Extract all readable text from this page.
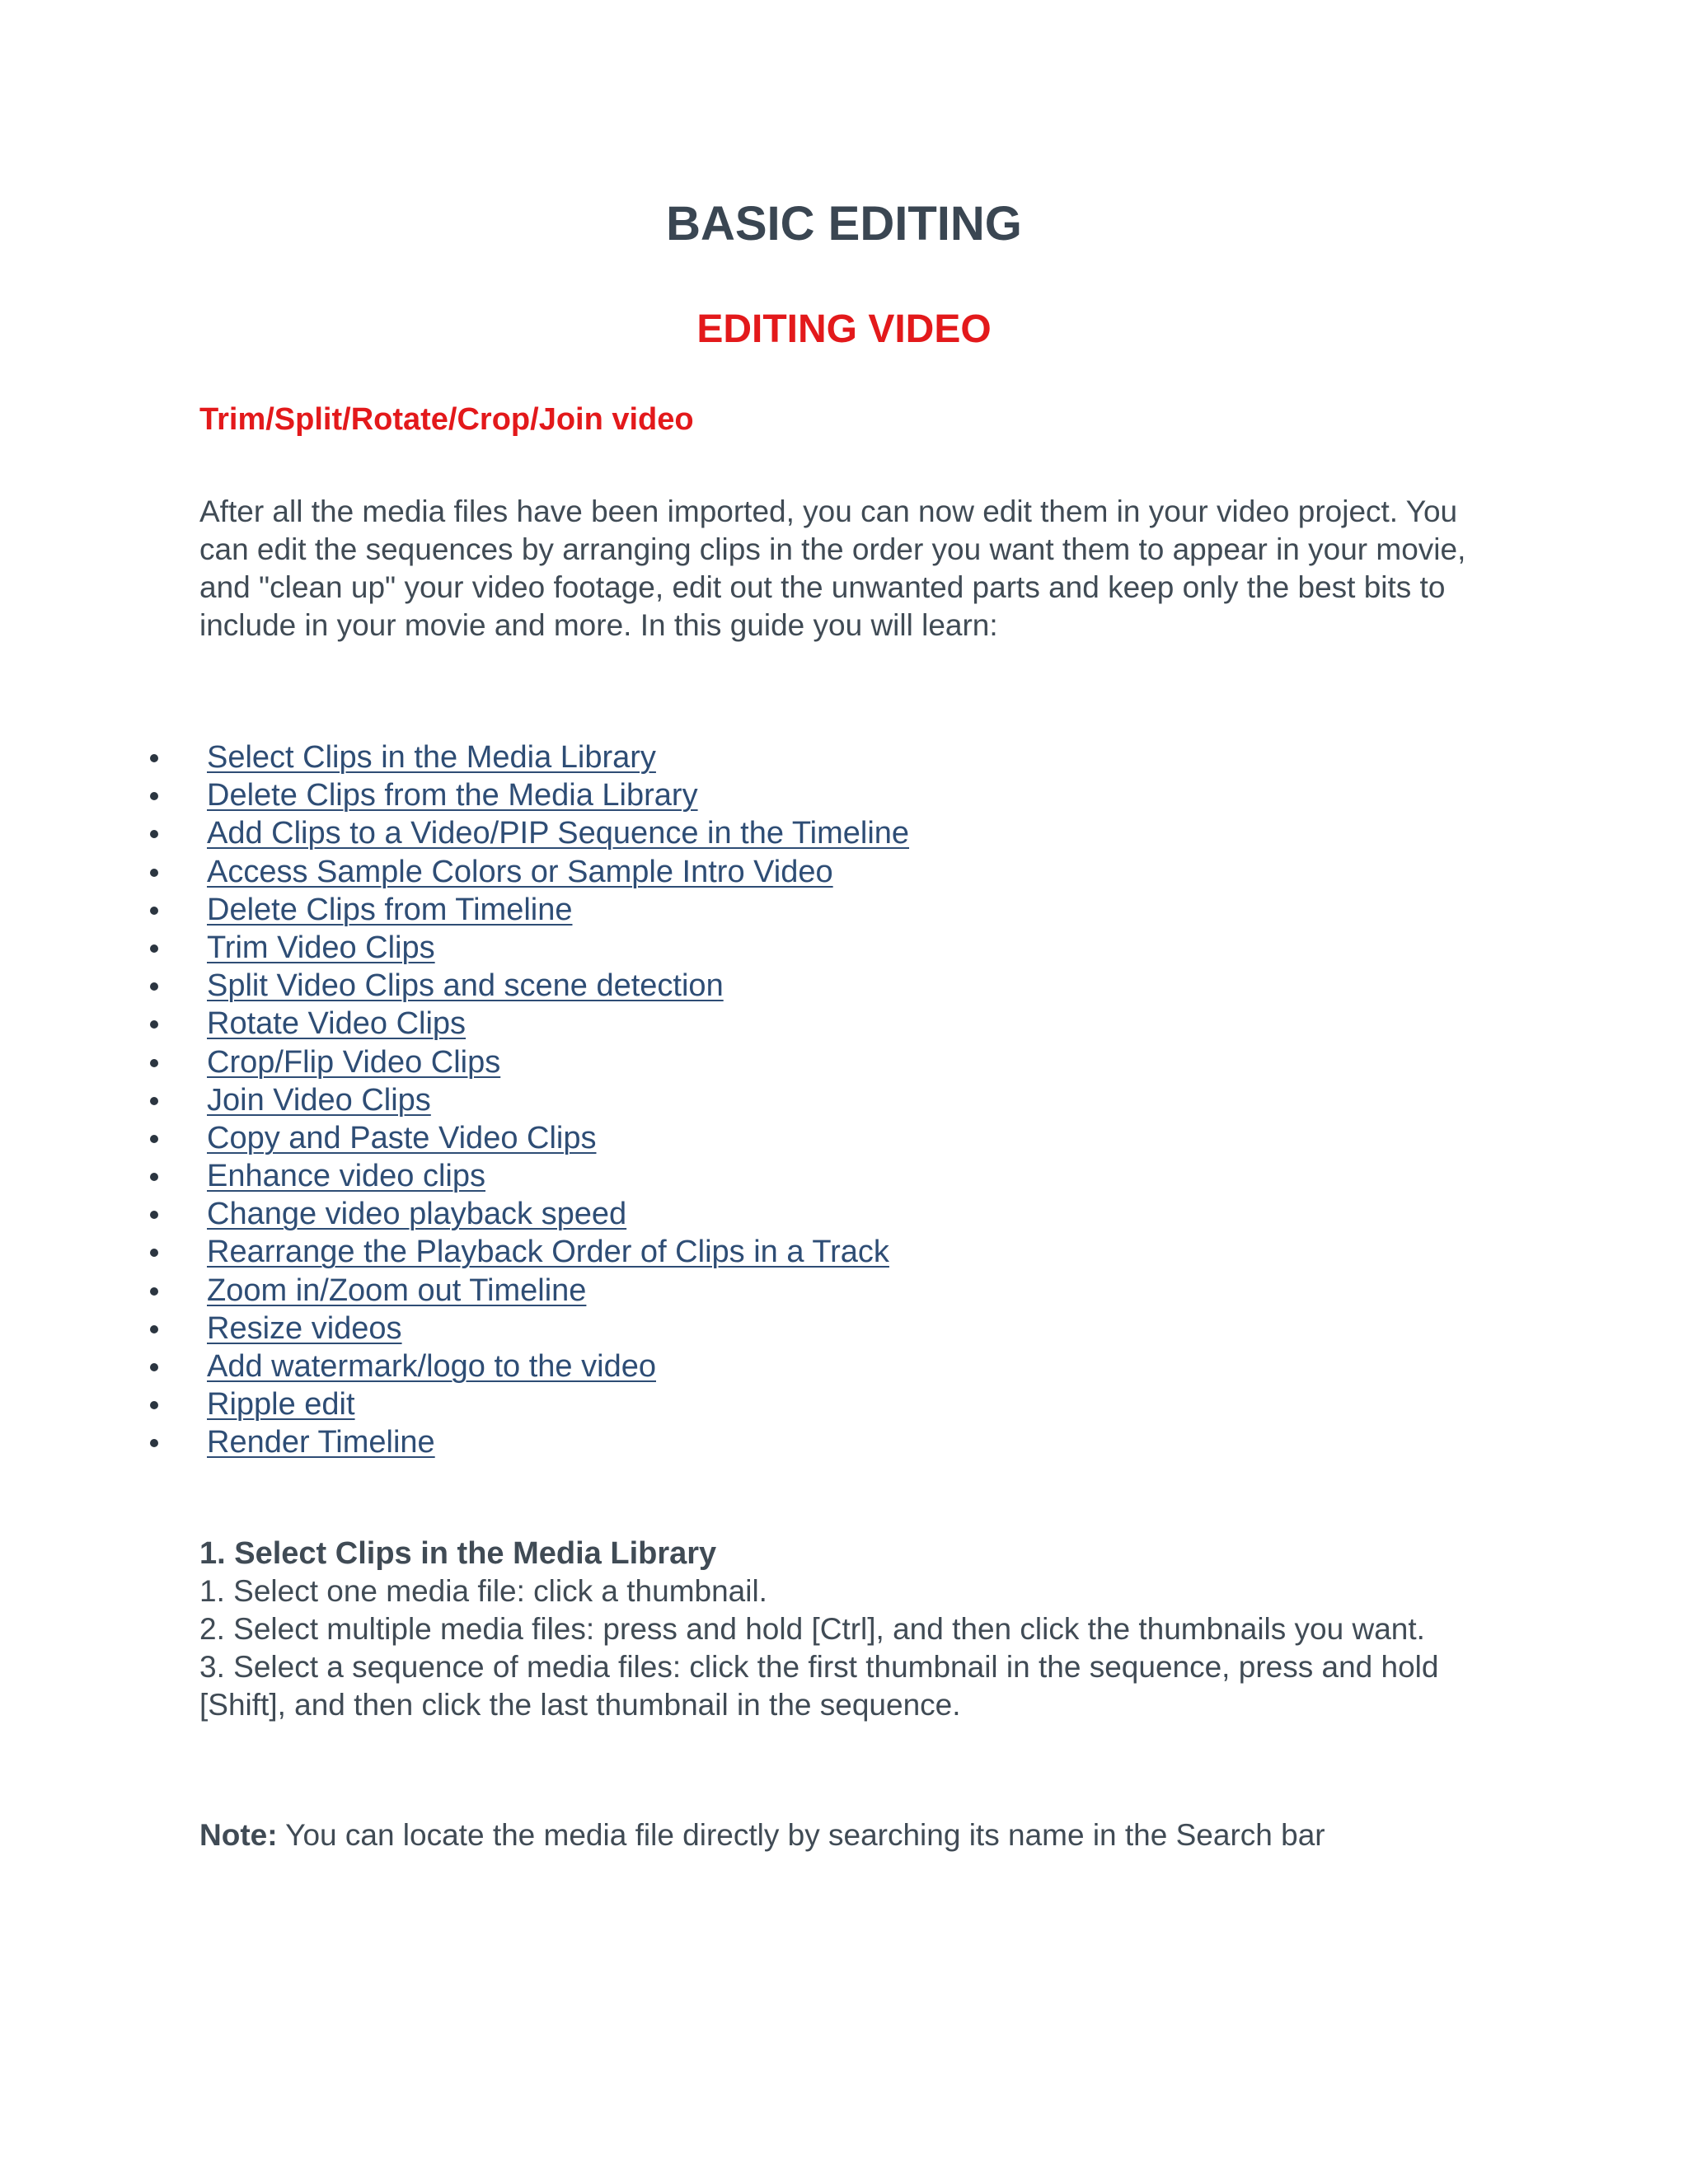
BASIC EDITING
EDITING VIDEO
Trim/Split/Rotate/Crop/Join video

After all the media files have been imported, you can now edit them in your video project. You can edit the sequences by arranging clips in the order you want them to appear in your movie, and "clean up" your video footage, edit out the unwanted parts and keep only the best bits to include in your movie and more. In this guide you will learn:

Select Clips in the Media Library
Delete Clips from the Media Library
Add Clips to a Video/PIP Sequence in the Timeline
Access Sample Colors or Sample Intro Video
Delete Clips from Timeline
Trim Video Clips
Split Video Clips and scene detection
Rotate Video Clips
Crop/Flip Video Clips
Join Video Clips
Copy and Paste Video Clips
Enhance video clips
Change video playback speed
Rearrange the Playback Order of Clips in a Track
Zoom in/Zoom out Timeline
Resize videos
Add watermark/logo to the video
Ripple edit
Render Timeline

1. Select Clips in the Media Library

1. Select one media file: click a thumbnail.

2. Select multiple media files: press and hold [Ctrl], and then click the thumbnails you want.

3. Select a sequence of media files: click the first thumbnail in the sequence, press and hold [Shift], and then click the last thumbnail in the sequence.

Note: You can locate the media file directly by searching its name in the Search bar
